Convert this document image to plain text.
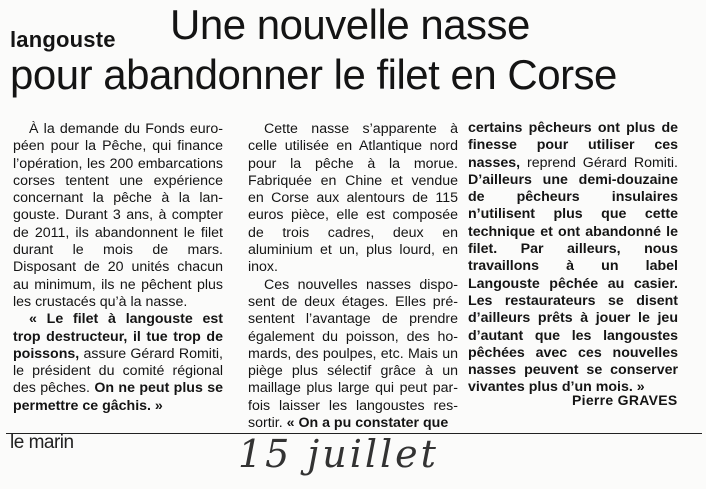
langouste	Une nouvelle nasse
pour abandonner le filet en Corse

À la demande du Fonds européen pour la Pêche, qui finance l’opération, les 200 embarcations corses tentent une expérience concernant la pêche à la langouste. Durant 3 ans, à compter de 2011, ils abandonnent le filet durant le mois de mars. Disposant de 20 unités chacun au minimum, ils ne pêchent plus les crustacés qu’à la nasse.

« Le filet à langouste est trop destructeur, il tue trop de poissons, assure Gérard Romiti, le président du comité régional des pêches. On ne peut plus se permettre ce gâchis. »

Cette nasse s’apparente à celle utilisée en Atlantique nord pour la pêche à la morue. Fabriquée en Chine et vendue en Corse aux alentours de 115 euros pièce, elle est composée de trois cadres, deux en aluminium et un, plus lourd, en inox.

Ces nouvelles nasses disposent de deux étages. Elles présentent l’avantage de prendre également du poisson, des homards, des poulpes, etc. Mais un piège plus sélectif grâce à un maillage plus large qui peut parfois laisser les langoustes ressortir. « On a pu constater que

certains pêcheurs ont plus de finesse pour utiliser ces nasses, reprend Gérard Romiti. D’ailleurs une demi-douzaine de pêcheurs insulaires n’utilisent plus que cette technique et ont abandonné le filet. Par ailleurs, nous travaillons à un label Langouste pêchée au casier. Les restaurateurs se disent d’ailleurs prêts à jouer le jeu d’autant que les langoustes pêchées avec ces nouvelles nasses peuvent se conserver vivantes plus d’un mois. »

Pierre GRAVES
le marin	15 juillet
